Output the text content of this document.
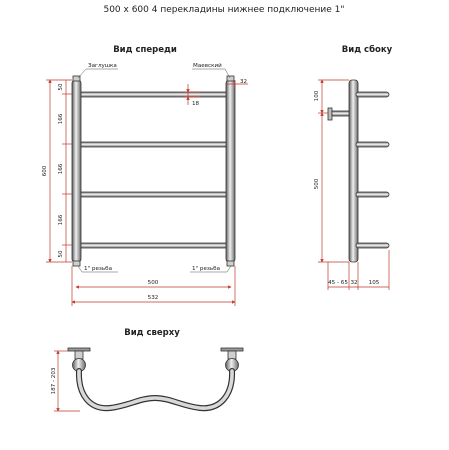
500 x 600 4 перекладины нижнее подключение 1"
Вид спереди
Заглушка	Маевский
32
18
600
50
166
166
166
50
1" резьба	1" резьба
500
532
Вид сбоку
100
500
45 - 65 32 105
Вид сверху
187 - 203
